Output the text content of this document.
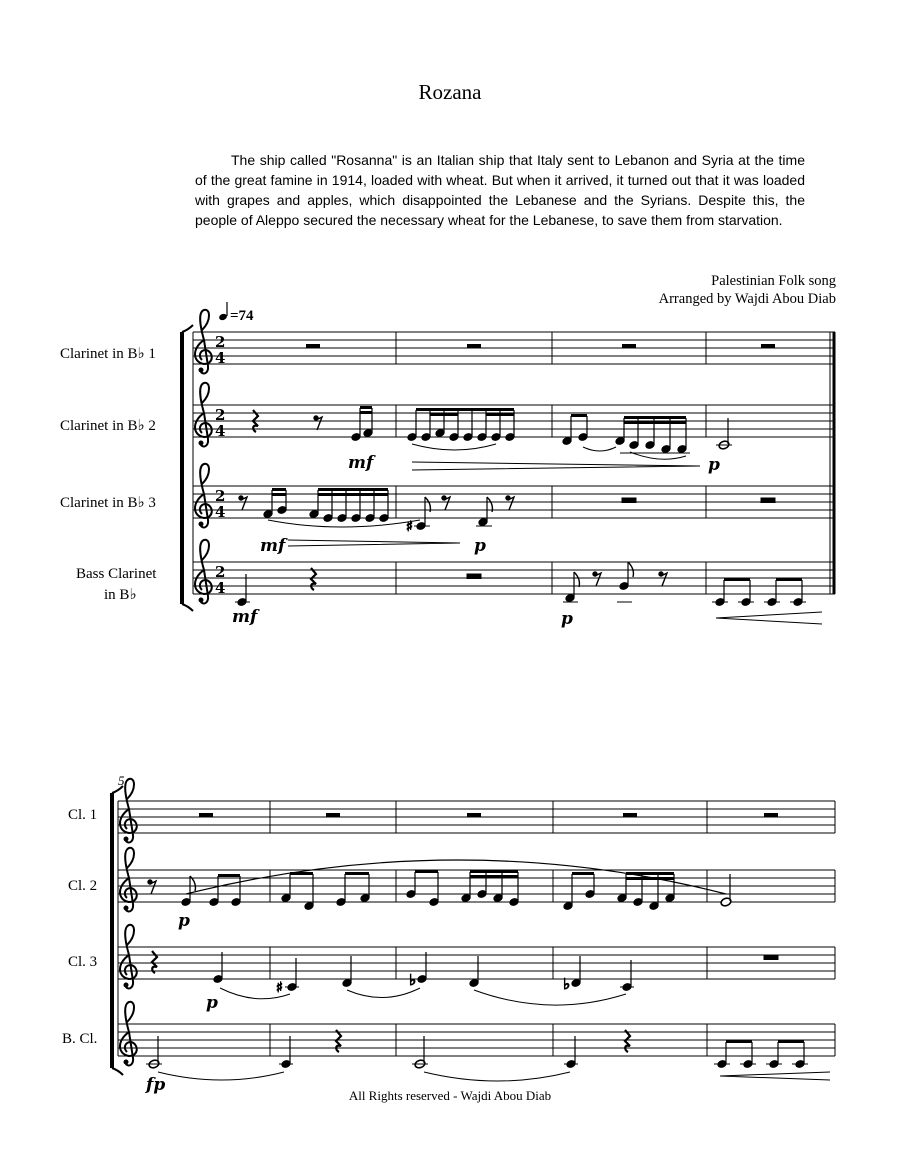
Rozana
The ship called "Rosanna" is an Italian ship that Italy sent to Lebanon and Syria at the time of the great famine in 1914, loaded with wheat. But when it arrived, it turned out that it was loaded with grapes and apples, which disappointed the Lebanese and the Syrians. Despite this, the people of Aleppo secured the necessary wheat for the Lebanese, to save them from starvation.
Palestinian Folk song
Arranged by Wajdi Abou Diab
=74
Clarinet in B♭ 1
Clarinet in B♭ 2
Clarinet in B♭ 3
Bass Clarinet
in B♭
2
4
2
4
2
4
2
4
mf	p
♯
mf	p
mf	p
5
Cl. 1
Cl. 2
Cl. 3
B. Cl.
p
♯	♭	♭
p
fp
All Rights reserved - Wajdi Abou Diab
